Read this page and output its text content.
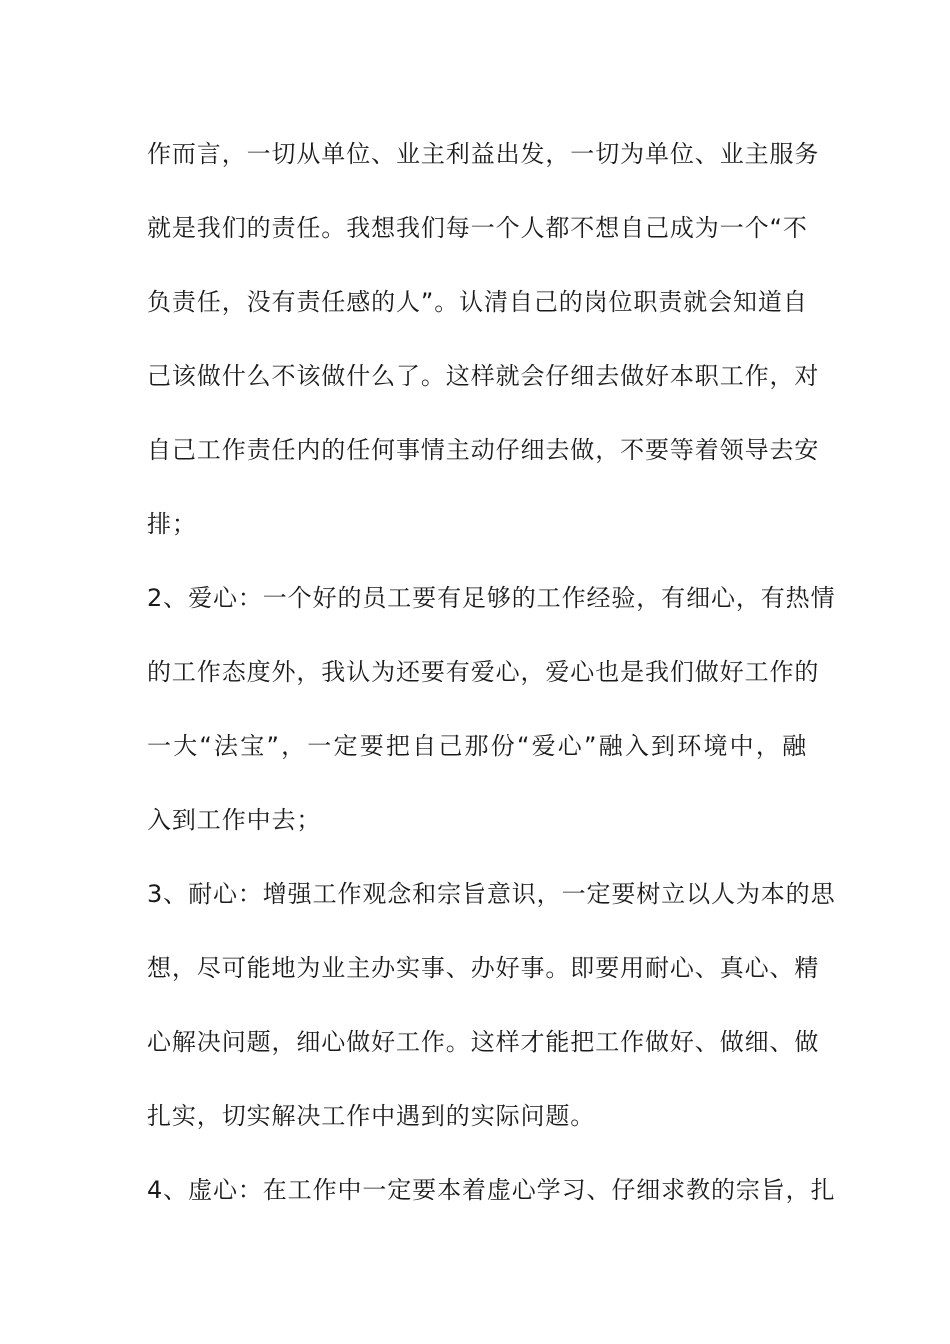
作而言，一切从单位、业主利益出发，一切为单位、业主服务
就是我们的责任。我想我们每一个人都不想自己成为一个“不
负责任，没有责任感的人”。认清自己的岗位职责就会知道自
己该做什么不该做什么了。这样就会仔细去做好本职工作，对
自己工作责任内的任何事情主动仔细去做，不要等着领导去安
排；
2、爱心：一个好的员工要有足够的工作经验，有细心，有热情
的工作态度外，我认为还要有爱心，爱心也是我们做好工作的
一大“法宝”，一定要把自己那份“爱心”融入到环境中，融
入到工作中去；
3、耐心：增强工作观念和宗旨意识，一定要树立以人为本的思
想，尽可能地为业主办实事、办好事。即要用耐心、真心、精
心解决问题，细心做好工作。这样才能把工作做好、做细、做
扎实，切实解决工作中遇到的实际问题。
4、虚心：在工作中一定要本着虚心学习、仔细求教的宗旨，扎
